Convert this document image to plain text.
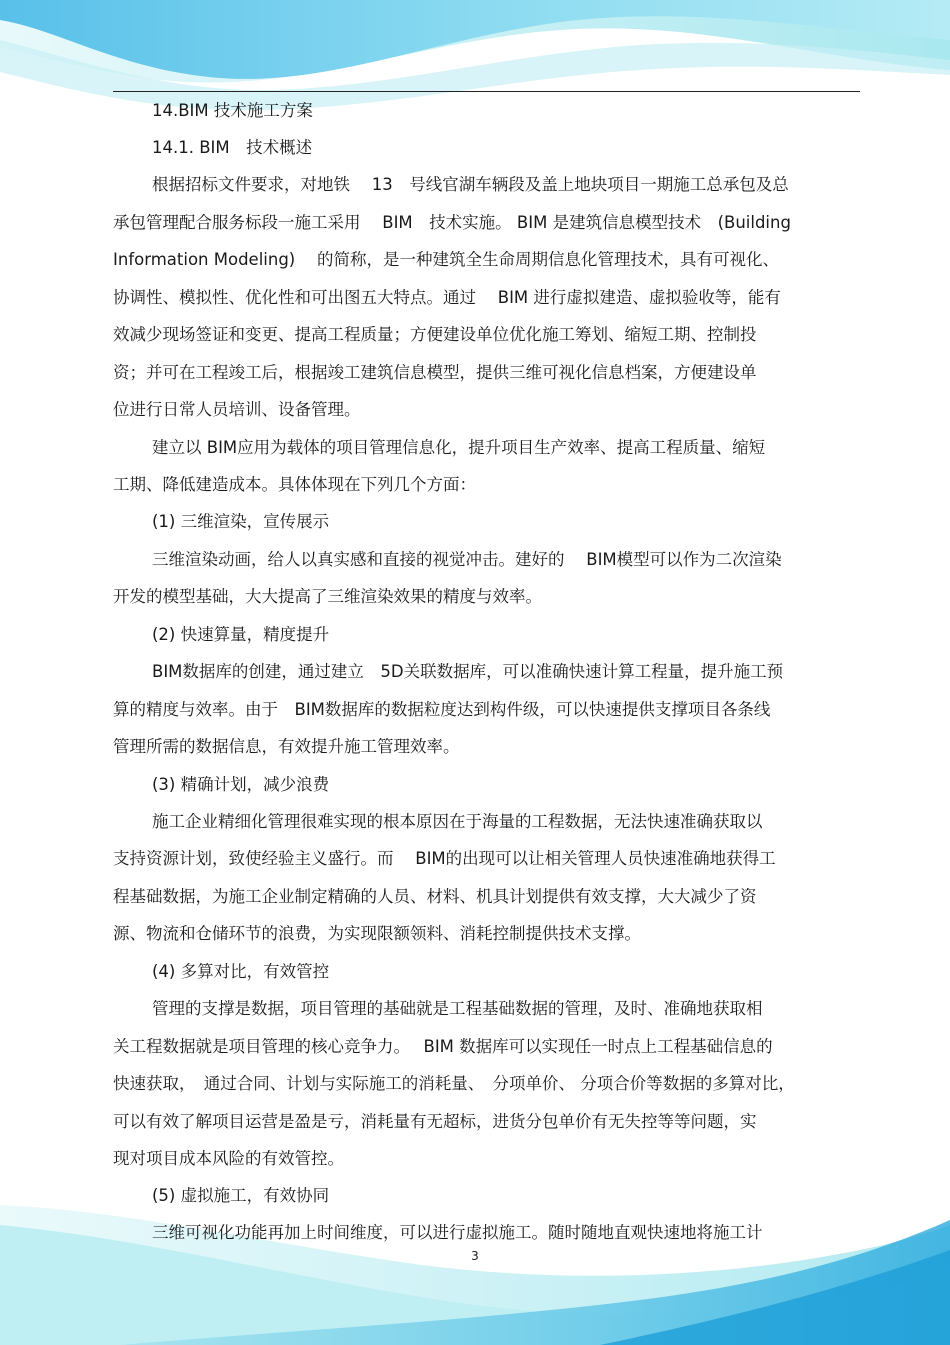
14.BIM 技术施工方案
14.1. BIM　技术概述
根据招标文件要求，对地铁　 13　号线官湖车辆段及盖上地块项目一期施工总承包及总
承包管理配合服务标段一施工采用　 BIM　技术实施。 BIM 是建筑信息模型技术　(Building
Information Modeling)　 的简称，是一种建筑全生命周期信息化管理技术，具有可视化、
协调性、模拟性、优化性和可出图五大特点。通过　 BIM 进行虚拟建造、虚拟验收等，能有
效减少现场签证和变更、提高工程质量；方便建设单位优化施工筹划、缩短工期、控制投
资；并可在工程竣工后，根据竣工建筑信息模型，提供三维可视化信息档案，方便建设单
位进行日常人员培训、设备管理。
建立以 BIM应用为载体的项目管理信息化，提升项目生产效率、提高工程质量、缩短
工期、降低建造成本。具体体现在下列几个方面：
(1) 三维渲染，宣传展示
三维渲染动画，给人以真实感和直接的视觉冲击。建好的　 BIM模型可以作为二次渲染
开发的模型基础，大大提高了三维渲染效果的精度与效率。
(2) 快速算量，精度提升
BIM数据库的创建，通过建立　5D关联数据库，可以准确快速计算工程量，提升施工预
算的精度与效率。由于　BIM数据库的数据粒度达到构件级，可以快速提供支撑项目各条线
管理所需的数据信息，有效提升施工管理效率。
(3) 精确计划，减少浪费
施工企业精细化管理很难实现的根本原因在于海量的工程数据，无法快速准确获取以
支持资源计划，致使经验主义盛行。而　 BIM的出现可以让相关管理人员快速准确地获得工
程基础数据，为施工企业制定精确的人员、材料、机具计划提供有效支撑，大大减少了资
源、物流和仓储环节的浪费，为实现限额领料、消耗控制提供技术支撑。
(4) 多算对比，有效管控
管理的支撑是数据，项目管理的基础就是工程基础数据的管理，及时、准确地获取相
关工程数据就是项目管理的核心竞争力。　 BIM 数据库可以实现任一时点上工程基础信息的
快速获取，　通过合同、计划与实际施工的消耗量、　分项单价、 分项合价等数据的多算对比，
可以有效了解项目运营是盈是亏，消耗量有无超标，进货分包单价有无失控等等问题，实
现对项目成本风险的有效管控。
(5) 虚拟施工，有效协同
三维可视化功能再加上时间维度，可以进行虚拟施工。随时随地直观快速地将施工计
3
